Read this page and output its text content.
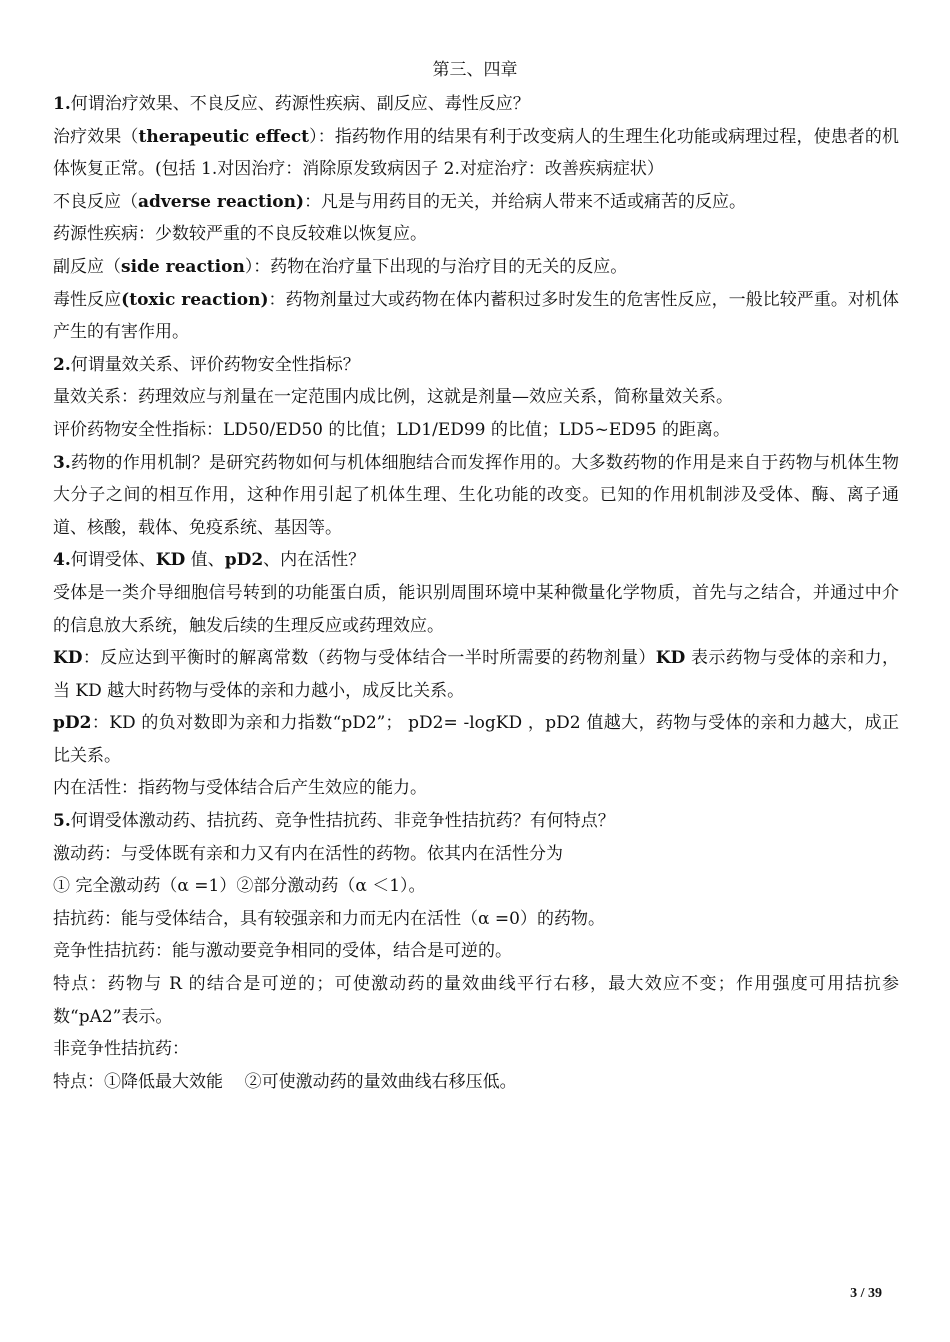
第三、四章

1.何谓治疗效果、不良反应、药源性疾病、副反应、毒性反应？

治疗效果（therapeutic effect）：指药物作用的结果有利于改变病人的生理生化功能或病理过程，使患者的机体恢复正常。(包括 1.对因治疗：消除原发致病因子 2.对症治疗：改善疾病症状）

不良反应（adverse reaction)：凡是与用药目的无关，并给病人带来不适或痛苦的反应。

药源性疾病：少数较严重的不良反较难以恢复应。

副反应（side reaction）：药物在治疗量下出现的与治疗目的无关的反应。

毒性反应(toxic reaction)：药物剂量过大或药物在体内蓄积过多时发生的危害性反应，一般比较严重。对机体产生的有害作用。

2.何谓量效关系、评价药物安全性指标？

量效关系：药理效应与剂量在一定范围内成比例，这就是剂量—效应关系，简称量效关系。

评价药物安全性指标：LD50/ED50 的比值；LD1/ED99 的比值；LD5~ED95 的距离。

3.药物的作用机制？是研究药物如何与机体细胞结合而发挥作用的。大多数药物的作用是来自于药物与机体生物大分子之间的相互作用，这种作用引起了机体生理、生化功能的改变。已知的作用机制涉及受体、酶、离子通道、核酸，载体、免疫系统、基因等。

4.何谓受体、KD 值、pD2、内在活性？

受体是一类介导细胞信号转到的功能蛋白质，能识别周围环境中某种微量化学物质，首先与之结合，并通过中介的信息放大系统，触发后续的生理反应或药理效应。

KD：反应达到平衡时的解离常数（药物与受体结合一半时所需要的药物剂量）KD 表示药物与受体的亲和力，当 KD 越大时药物与受体的亲和力越小，成反比关系。

pD2：KD 的负对数即为亲和力指数“pD2”； pD2= -logKD ，pD2 值越大，药物与受体的亲和力越大，成正比关系。

内在活性：指药物与受体结合后产生效应的能力。

5.何谓受体激动药、拮抗药、竞争性拮抗药、非竞争性拮抗药？有何特点？

激动药：与受体既有亲和力又有内在活性的药物。依其内在活性分为

① 完全激动药（α =1）②部分激动药（α ＜1）。

拮抗药：能与受体结合，具有较强亲和力而无内在活性（α =0）的药物。

竞争性拮抗药：能与激动要竞争相同的受体，结合是可逆的。

特点：药物与 R 的结合是可逆的；可使激动药的量效曲线平行右移，最大效应不变；作用强度可用拮抗参数“pA2”表示。

非竞争性拮抗药：

特点：①降低最大效能    ②可使激动药的量效曲线右移压低。

3 / 39
